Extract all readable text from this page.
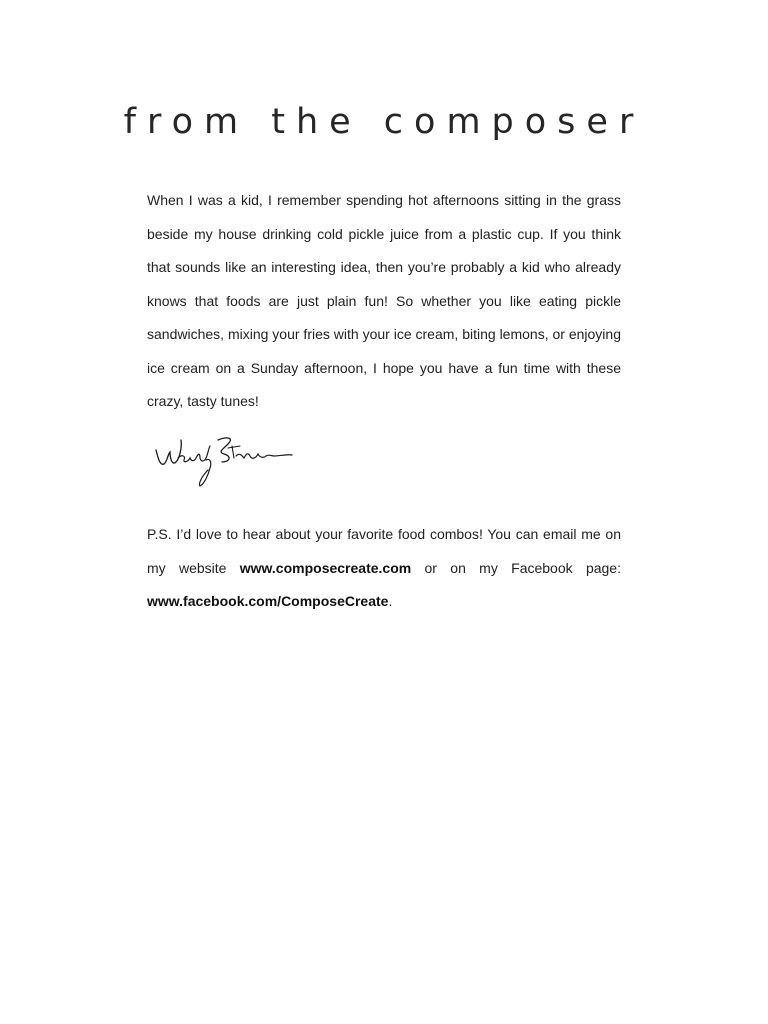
from the composer

When I was a kid, I remember spending hot afternoons sitting in the grass beside my house drinking cold pickle juice from a plastic cup. If you think that sounds like an interesting idea, then you’re probably a kid who already knows that foods are just plain fun! So whether you like eating pickle sandwiches, mixing your fries with your ice cream, biting lemons, or enjoying ice cream on a Sunday afternoon, I hope you have a fun time with these crazy, tasty tunes!

P.S. I’d love to hear about your favorite food combos! You can email me on my website www.composecreate.com or on my Facebook page: www.facebook.com/ComposeCreate.
